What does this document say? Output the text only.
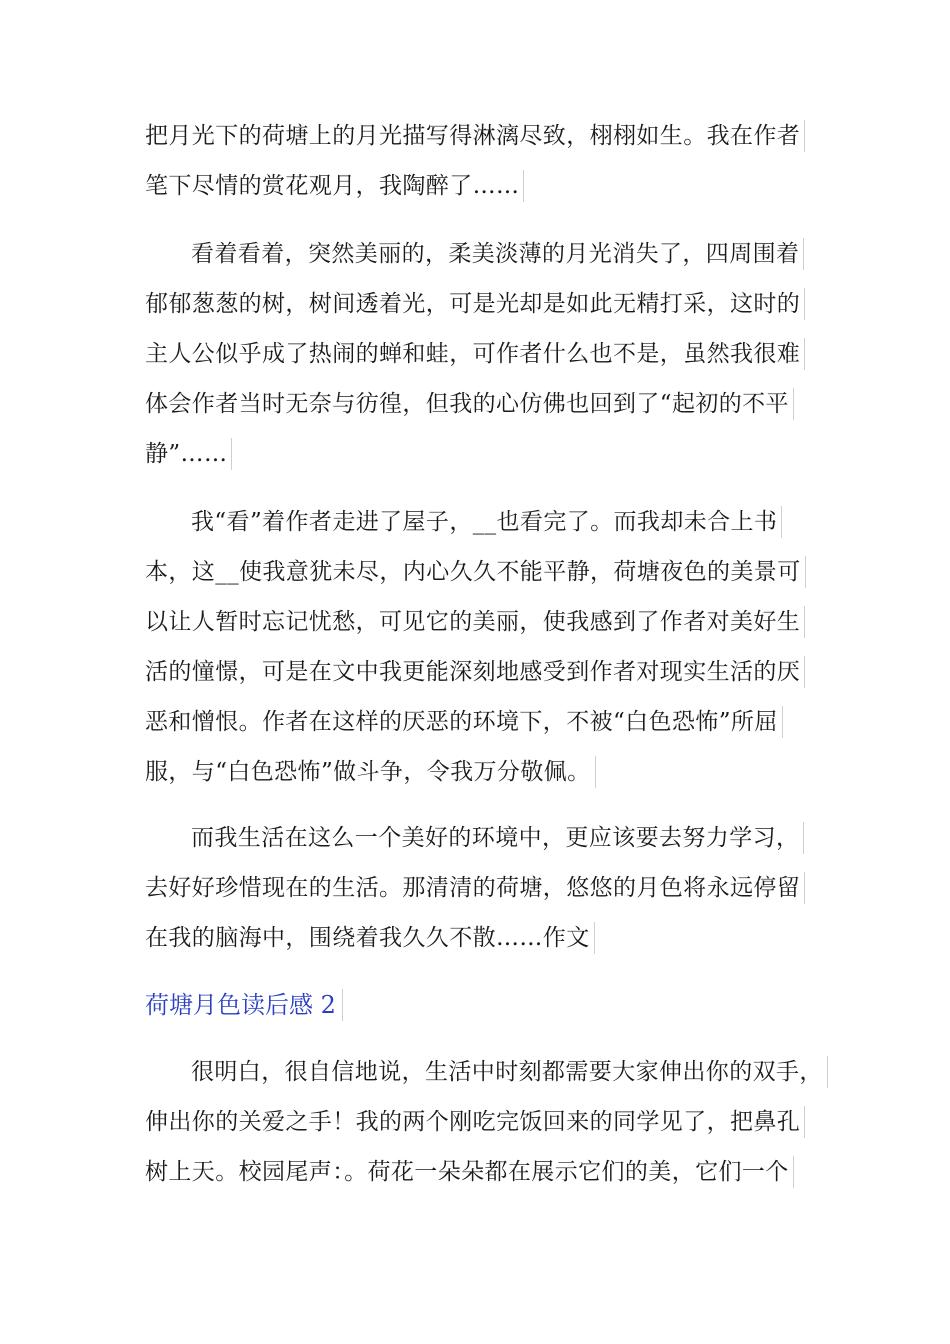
把月光下的荷塘上的月光描写得淋漓尽致，栩栩如生。我在作者
笔下尽情的赏花观月，我陶醉了……
看着看着，突然美丽的，柔美淡薄的月光消失了，四周围着
郁郁葱葱的树，树间透着光，可是光却是如此无精打采，这时的
主人公似乎成了热闹的蝉和蛙，可作者什么也不是，虽然我很难
体会作者当时无奈与彷徨，但我的心仿佛也回到了“起初的不平
静”……
我“看”着作者走进了屋子，__也看完了。而我却未合上书
本，这__使我意犹未尽，内心久久不能平静，荷塘夜色的美景可
以让人暂时忘记忧愁，可见它的美丽，使我感到了作者对美好生
活的憧憬，可是在文中我更能深刻地感受到作者对现实生活的厌
恶和憎恨。作者在这样的厌恶的环境下，不被“白色恐怖”所屈
服，与“白色恐怖”做斗争，令我万分敬佩。
而我生活在这么一个美好的环境中，更应该要去努力学习，
去好好珍惜现在的生活。那清清的荷塘，悠悠的月色将永远停留
在我的脑海中，围绕着我久久不散……作文
荷塘月色读后感 2
很明白，很自信地说，生活中时刻都需要大家伸出你的双手，
伸出你的关爱之手！我的两个刚吃完饭回来的同学见了，把鼻孔
树上天。校园尾声：。荷花一朵朵都在展示它们的美，它们一个
